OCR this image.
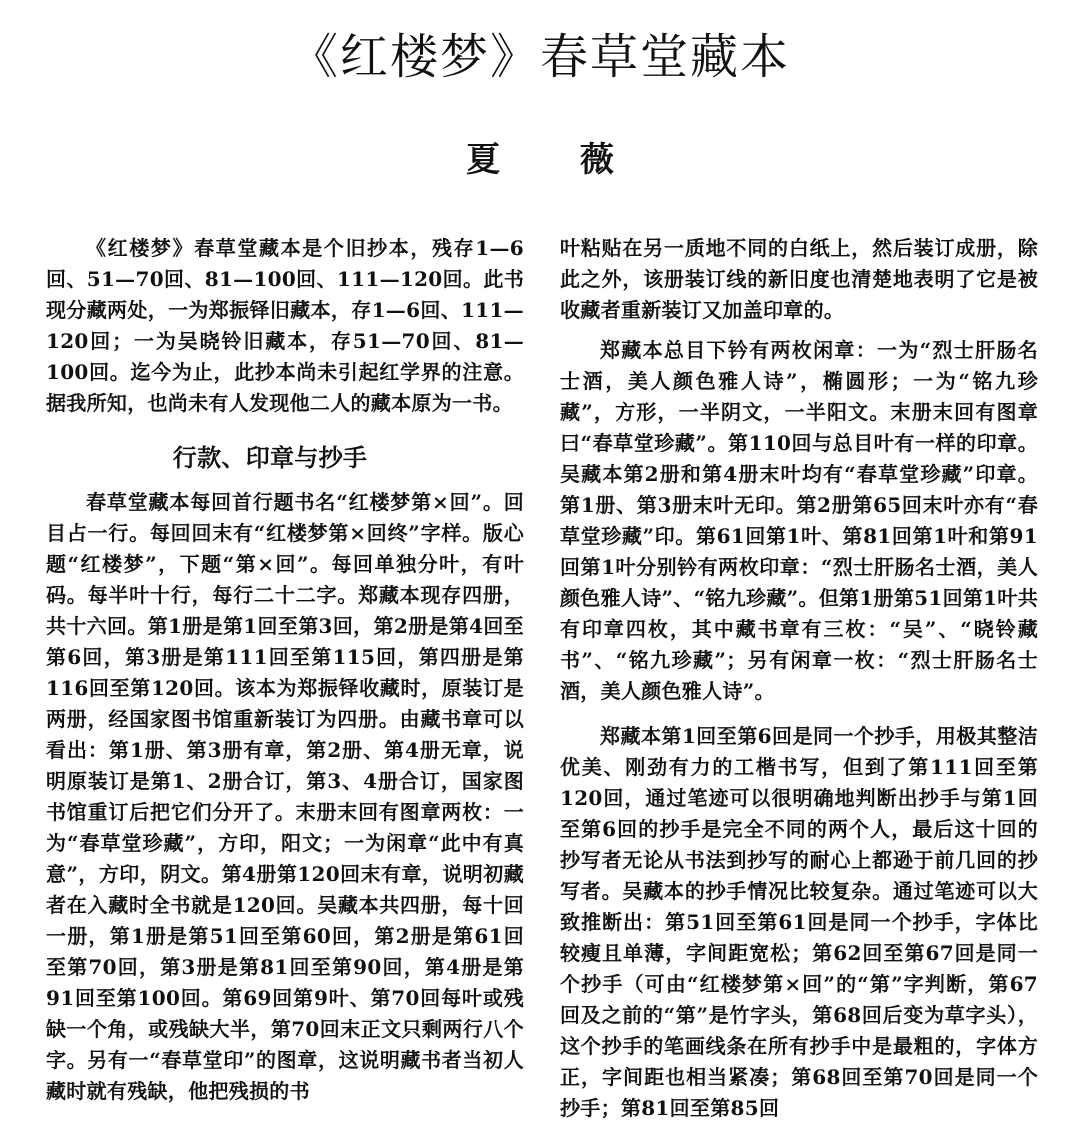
《红楼梦》春草堂藏本
夏 薇

《红楼梦》春草堂藏本是个旧抄本，残存1—6回、51—70回、81—100回、111—120回。此书现分藏两处，一为郑振铎旧藏本，存1—6回、111—120回；一为吴晓铃旧藏本，存51—70回、81—100回。迄今为止，此抄本尚未引起红学界的注意。据我所知，也尚未有人发现他二人的藏本原为一书。

行款、印章与抄手

春草堂藏本每回首行题书名“红楼梦第×回”。回目占一行。每回回末有“红楼梦第×回终”字样。版心题“红楼梦”，下题“第×回”。每回单独分叶，有叶码。每半叶十行，每行二十二字。郑藏本现存四册，共十六回。第1册是第1回至第3回，第2册是第4回至第6回，第3册是第111回至第115回，第四册是第116回至第120回。该本为郑振铎收藏时，原装订是两册，经国家图书馆重新装订为四册。由藏书章可以看出：第1册、第3册有章，第2册、第4册无章，说明原装订是第1、2册合订，第3、4册合订，国家图书馆重订后把它们分开了。末册末回有图章两枚：一为“春草堂珍藏”，方印，阳文；一为闲章“此中有真意”，方印，阴文。第4册第120回末有章，说明初藏者在入藏时全书就是120回。吴藏本共四册，每十回一册，第1册是第51回至第60回，第2册是第61回至第70回，第3册是第81回至第90回，第4册是第91回至第100回。第69回第9叶、第70回每叶或残缺一个角，或残缺大半，第70回末正文只剩两行八个字。另有一“春草堂印”的图章，这说明藏书者当初人藏时就有残缺，他把残损的书

叶粘贴在另一质地不同的白纸上，然后装订成册，除此之外，该册装订线的新旧度也清楚地表明了它是被收藏者重新装订又加盖印章的。

郑藏本总目下钤有两枚闲章：一为“烈士肝肠名士酒，美人颜色雅人诗”，椭圆形；一为“铭九珍藏”，方形，一半阴文，一半阳文。末册末回有图章曰“春草堂珍藏”。第110回与总目叶有一样的印章。吴藏本第2册和第4册末叶均有“春草堂珍藏”印章。第1册、第3册末叶无印。第2册第65回末叶亦有“春草堂珍藏”印。第61回第1叶、第81回第1叶和第91回第1叶分别钤有两枚印章：“烈士肝肠名士酒，美人颜色雅人诗”、“铭九珍藏”。但第1册第51回第1叶共有印章四枚，其中藏书章有三枚：“吴”、“晓铃藏书”、“铭九珍藏”；另有闲章一枚：“烈士肝肠名士酒，美人颜色雅人诗”。

郑藏本第1回至第6回是同一个抄手，用极其整洁优美、刚劲有力的工楷书写，但到了第111回至第120回，通过笔迹可以很明确地判断出抄手与第1回至第6回的抄手是完全不同的两个人，最后这十回的抄写者无论从书法到抄写的耐心上都逊于前几回的抄写者。吴藏本的抄手情况比较复杂。通过笔迹可以大致推断出：第51回至第61回是同一个抄手，字体比较瘦且单薄，字间距宽松；第62回至第67回是同一个抄手（可由“红楼梦第×回”的“第”字判断，第67回及之前的“第”是竹字头，第68回后变为草字头），这个抄手的笔画线条在所有抄手中是最粗的，字体方正，字间距也相当紧凑；第68回至第70回是同一个抄手；第81回至第85回
